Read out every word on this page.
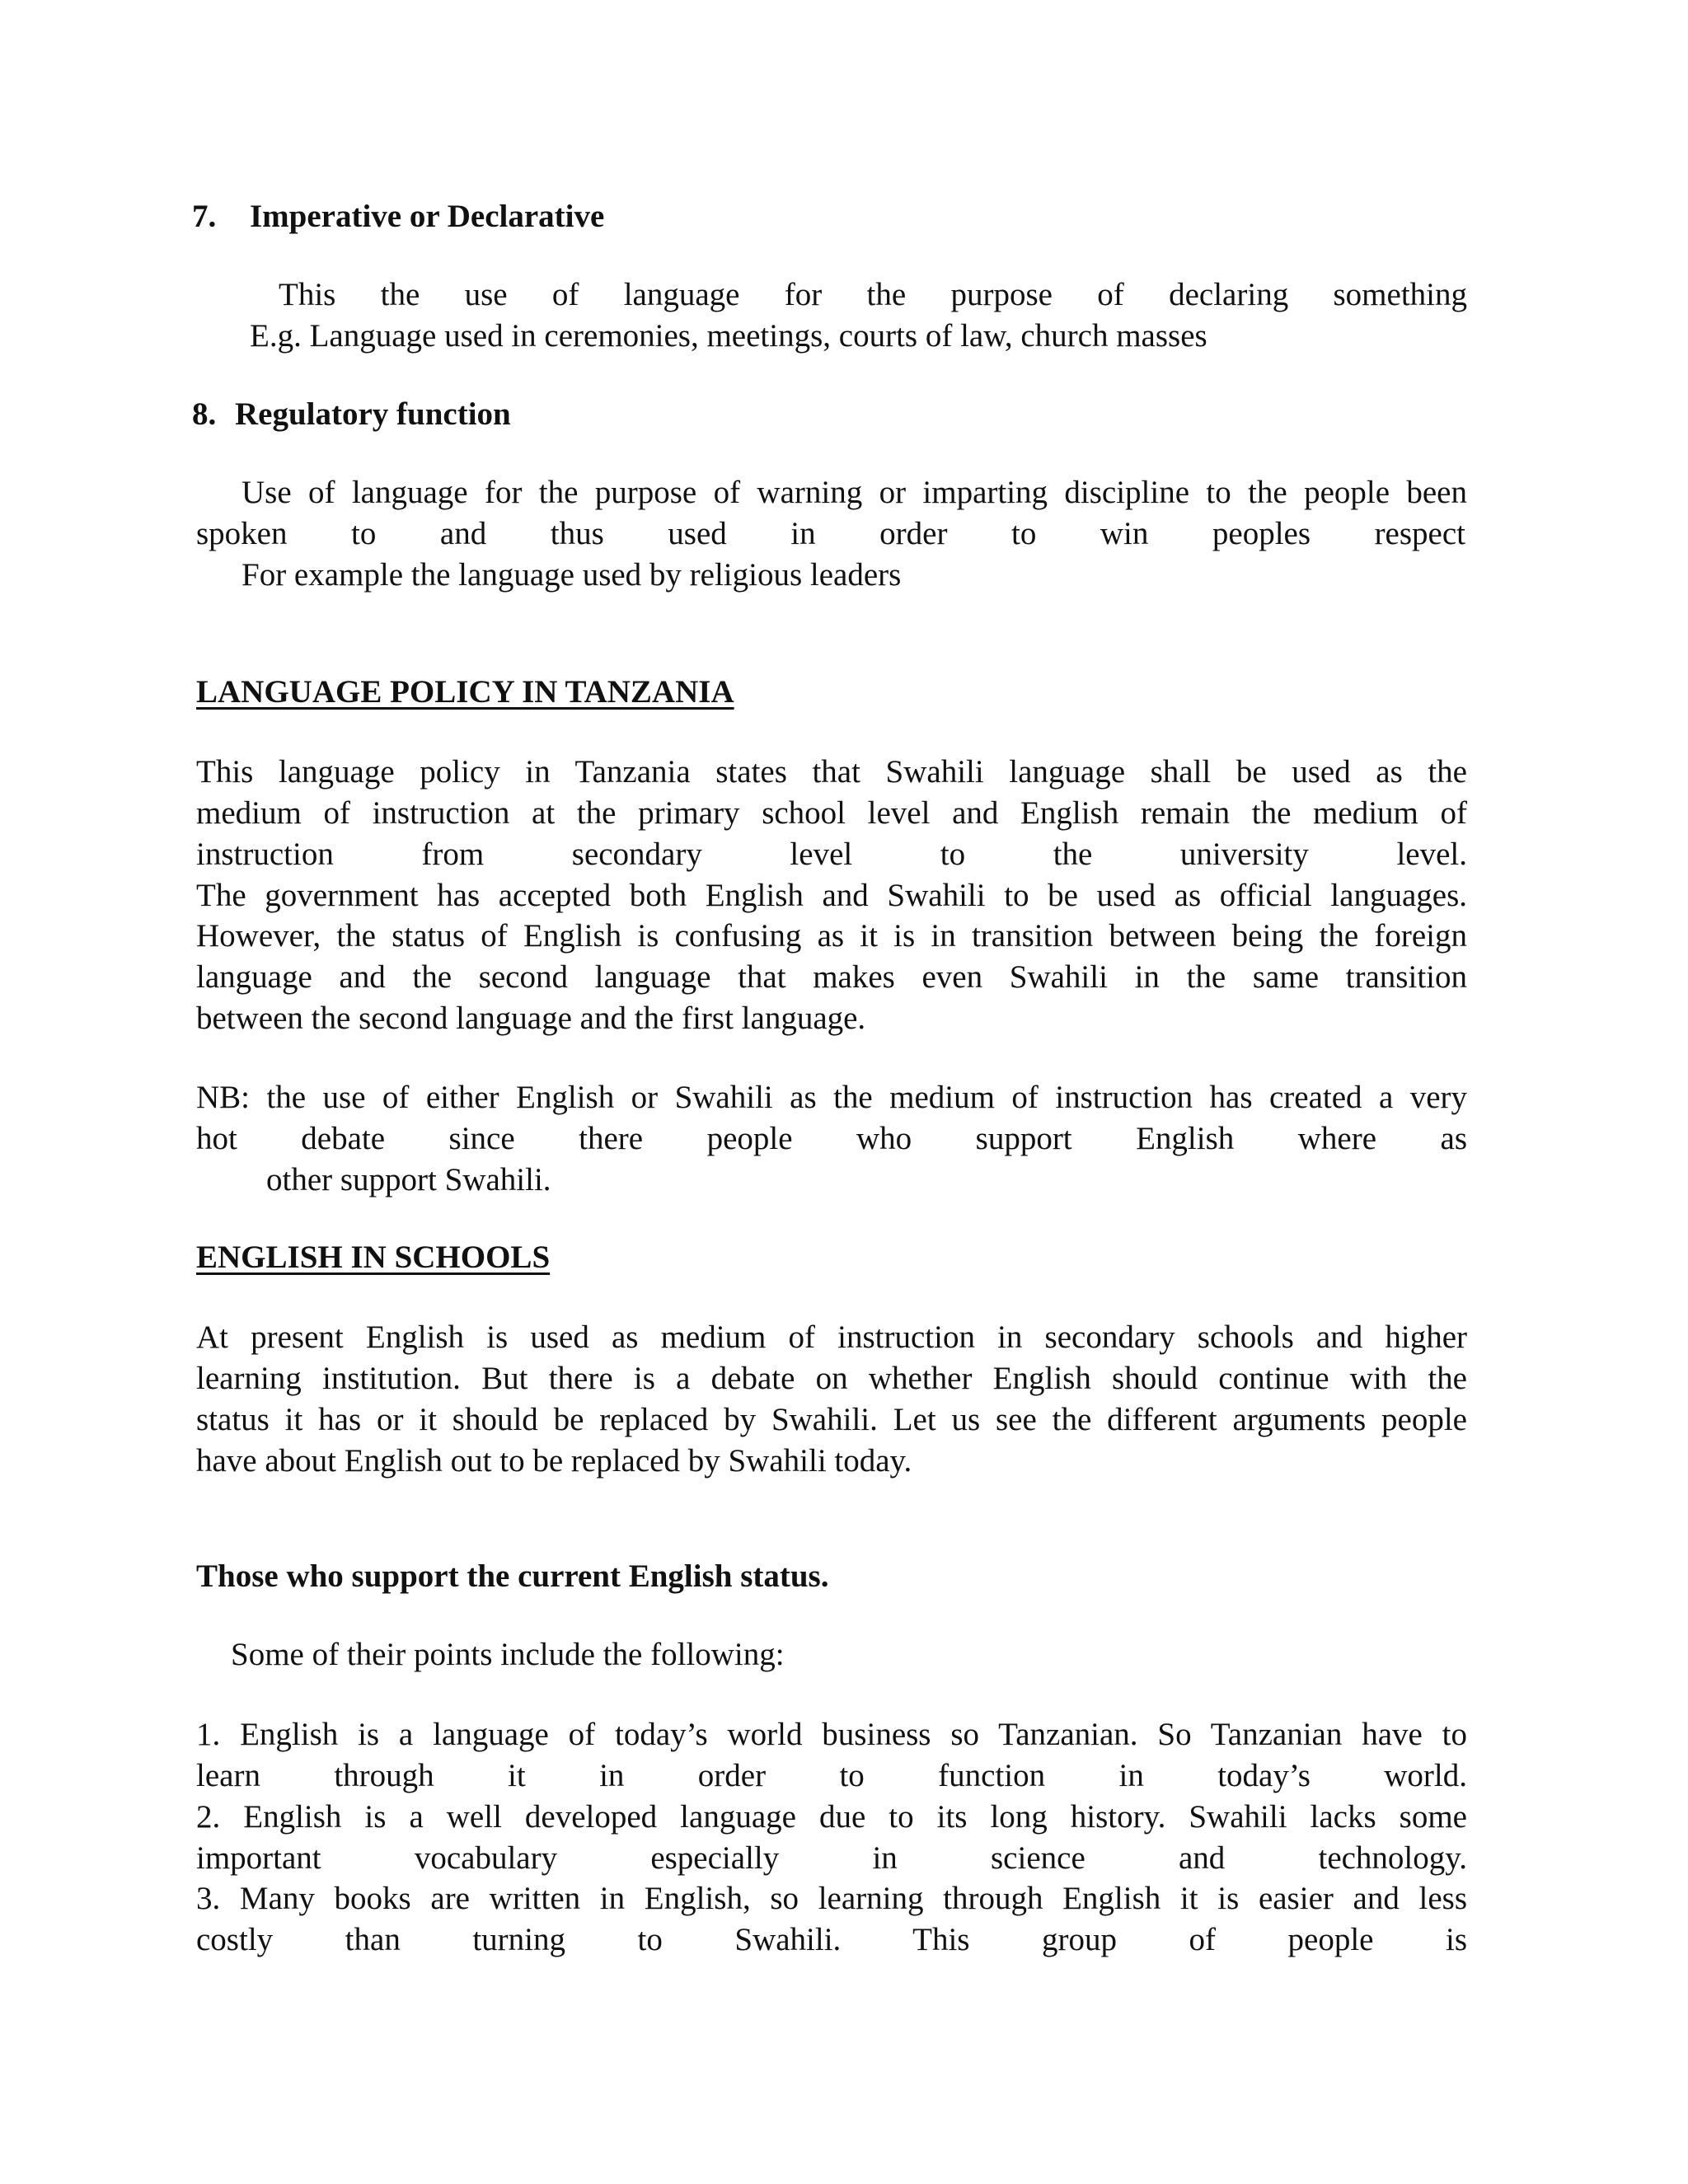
7. Imperative or Declarative
This the use of language for the purpose of declaring something
E.g. Language used in ceremonies, meetings, courts of law, church masses
8. Regulatory function
Use of language for the purpose of warning or imparting discipline to the people been
spoken to and thus used in order to win peoples respect
For example the language used by religious leaders
LANGUAGE POLICY IN TANZANIA
This language policy in Tanzania states that Swahili language shall be used as the
medium of instruction at the primary school level and English remain the medium of
instruction from secondary level to the university level.
The government has accepted both English and Swahili to be used as official languages.
However, the status of English is confusing as it is in transition between being the foreign
language and the second language that makes even Swahili in the same transition
between the second language and the first language.
NB: the use of either English or Swahili as the medium of instruction has created a very
hot debate since there people who support English where as
other support Swahili.
ENGLISH IN SCHOOLS
At present English is used as medium of instruction in secondary schools and higher
learning institution. But there is a debate on whether English should continue with the
status it has or it should be replaced by Swahili. Let us see the different arguments people
have about English out to be replaced by Swahili today.
Those who support the current English status.
Some of their points include the following:
1. English is a language of today’s world business so Tanzanian. So Tanzanian have to
learn through it in order to function in today’s world.
2. English is a well developed language due to its long history. Swahili lacks some
important vocabulary especially in science and technology.
3. Many books are written in English, so learning through English it is easier and less
costly than turning to Swahili. This group of people is
